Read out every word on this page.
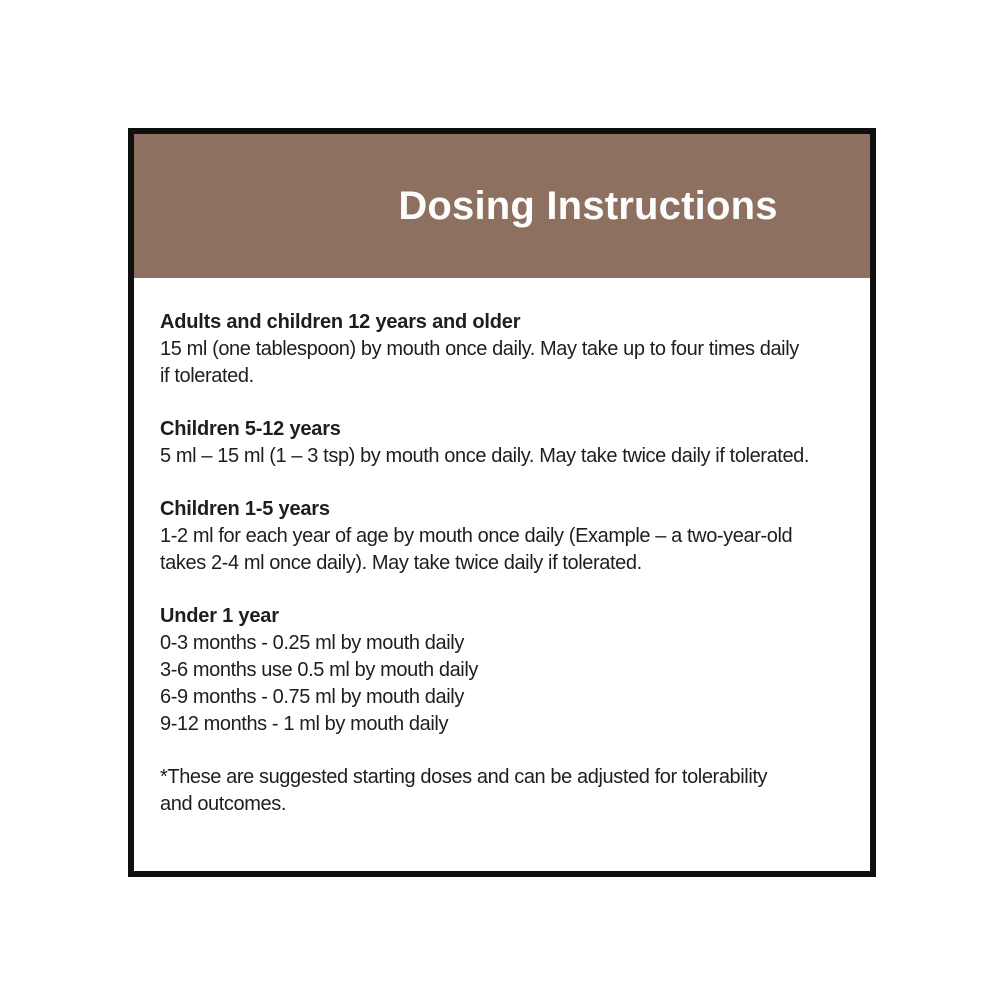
Dosing Instructions
Adults and children 12 years and older
15 ml (one tablespoon) by mouth once daily. May take up to four times daily
if tolerated.
Children 5-12 years
5 ml – 15 ml (1 – 3 tsp) by mouth once daily. May take twice daily if tolerated.
Children 1-5 years
1-2 ml for each year of age by mouth once daily (Example – a two-year-old
takes 2-4 ml once daily). May take twice daily if tolerated.
Under 1 year
0-3 months - 0.25 ml by mouth daily
3-6 months use 0.5 ml by mouth daily
6-9 months - 0.75 ml by mouth daily
9-12 months - 1 ml by mouth daily
*These are suggested starting doses and can be adjusted for tolerability
and outcomes.
